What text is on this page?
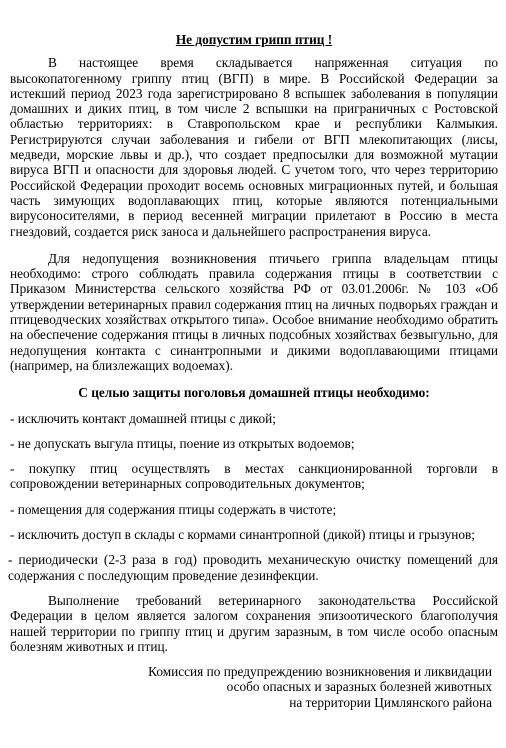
Не допустим грипп птиц !

В настоящее время складывается напряженная ситуация по высокопатогенному гриппу птиц (ВГП) в мире. В Российской Федерации за истекший период 2023 года зарегистрировано 8 вспышек заболевания в популяции домашних и диких птиц, в том числе 2 вспышки на приграничных с Ростовской областью территориях: в Ставропольском крае и республики Калмыкия. Регистрируются случаи заболевания и гибели от ВГП млекопитающих (лисы, медведи, морские львы и др.), что создает предпосылки для возможной мутации вируса ВГП и опасности для здоровья людей. С учетом того, что через территорию Российской Федерации проходит восемь основных миграционных путей, и большая часть зимующих водоплавающих птиц, которые являются потенциальными вирусоносителями, в период весенней миграции прилетают в Россию в места гнездовий, создается риск заноса и дальнейшего распространения вируса.

Для недопущения возникновения птичьего гриппа владельцам птицы необходимо: строго соблюдать правила содержания птицы в соответствии с Приказом Министерства сельского хозяйства РФ от 03.01.2006г. № 103 «Об утверждении ветеринарных правил содержания птиц на личных подворьях граждан и птицеводческих хозяйствах открытого типа». Особое внимание необходимо обратить на обеспечение содержания птицы в личных подсобных хозяйствах безвыгульно, для недопущения контакта с синантропными и дикими водоплавающими птицами (например, на близлежащих водоемах).

С целью защиты поголовья домашней птицы необходимо:

- исключить контакт домашней птицы с дикой;
- не допускать выгула птицы, поение из открытых водоемов;
- покупку птиц осуществлять в местах санкционированной торговли в сопровождении ветеринарных сопроводительных документов;
- помещения для содержания птицы содержать в чистоте;
- исключить доступ в склады с кормами синантропной (дикой) птицы и грызунов;
- периодически (2-3 раза в год) проводить механическую очистку помещений для содержания с последующим проведение дезинфекции.

Выполнение требований ветеринарного законодательства Российской Федерации в целом является залогом сохранения эпизоотического благополучия нашей территории по гриппу птиц и другим заразным, в том числе особо опасным болезням животных и птиц.

Комиссия по предупреждению возникновения и ликвидации
особо опасных и заразных болезней животных
на территории Цимлянского района
